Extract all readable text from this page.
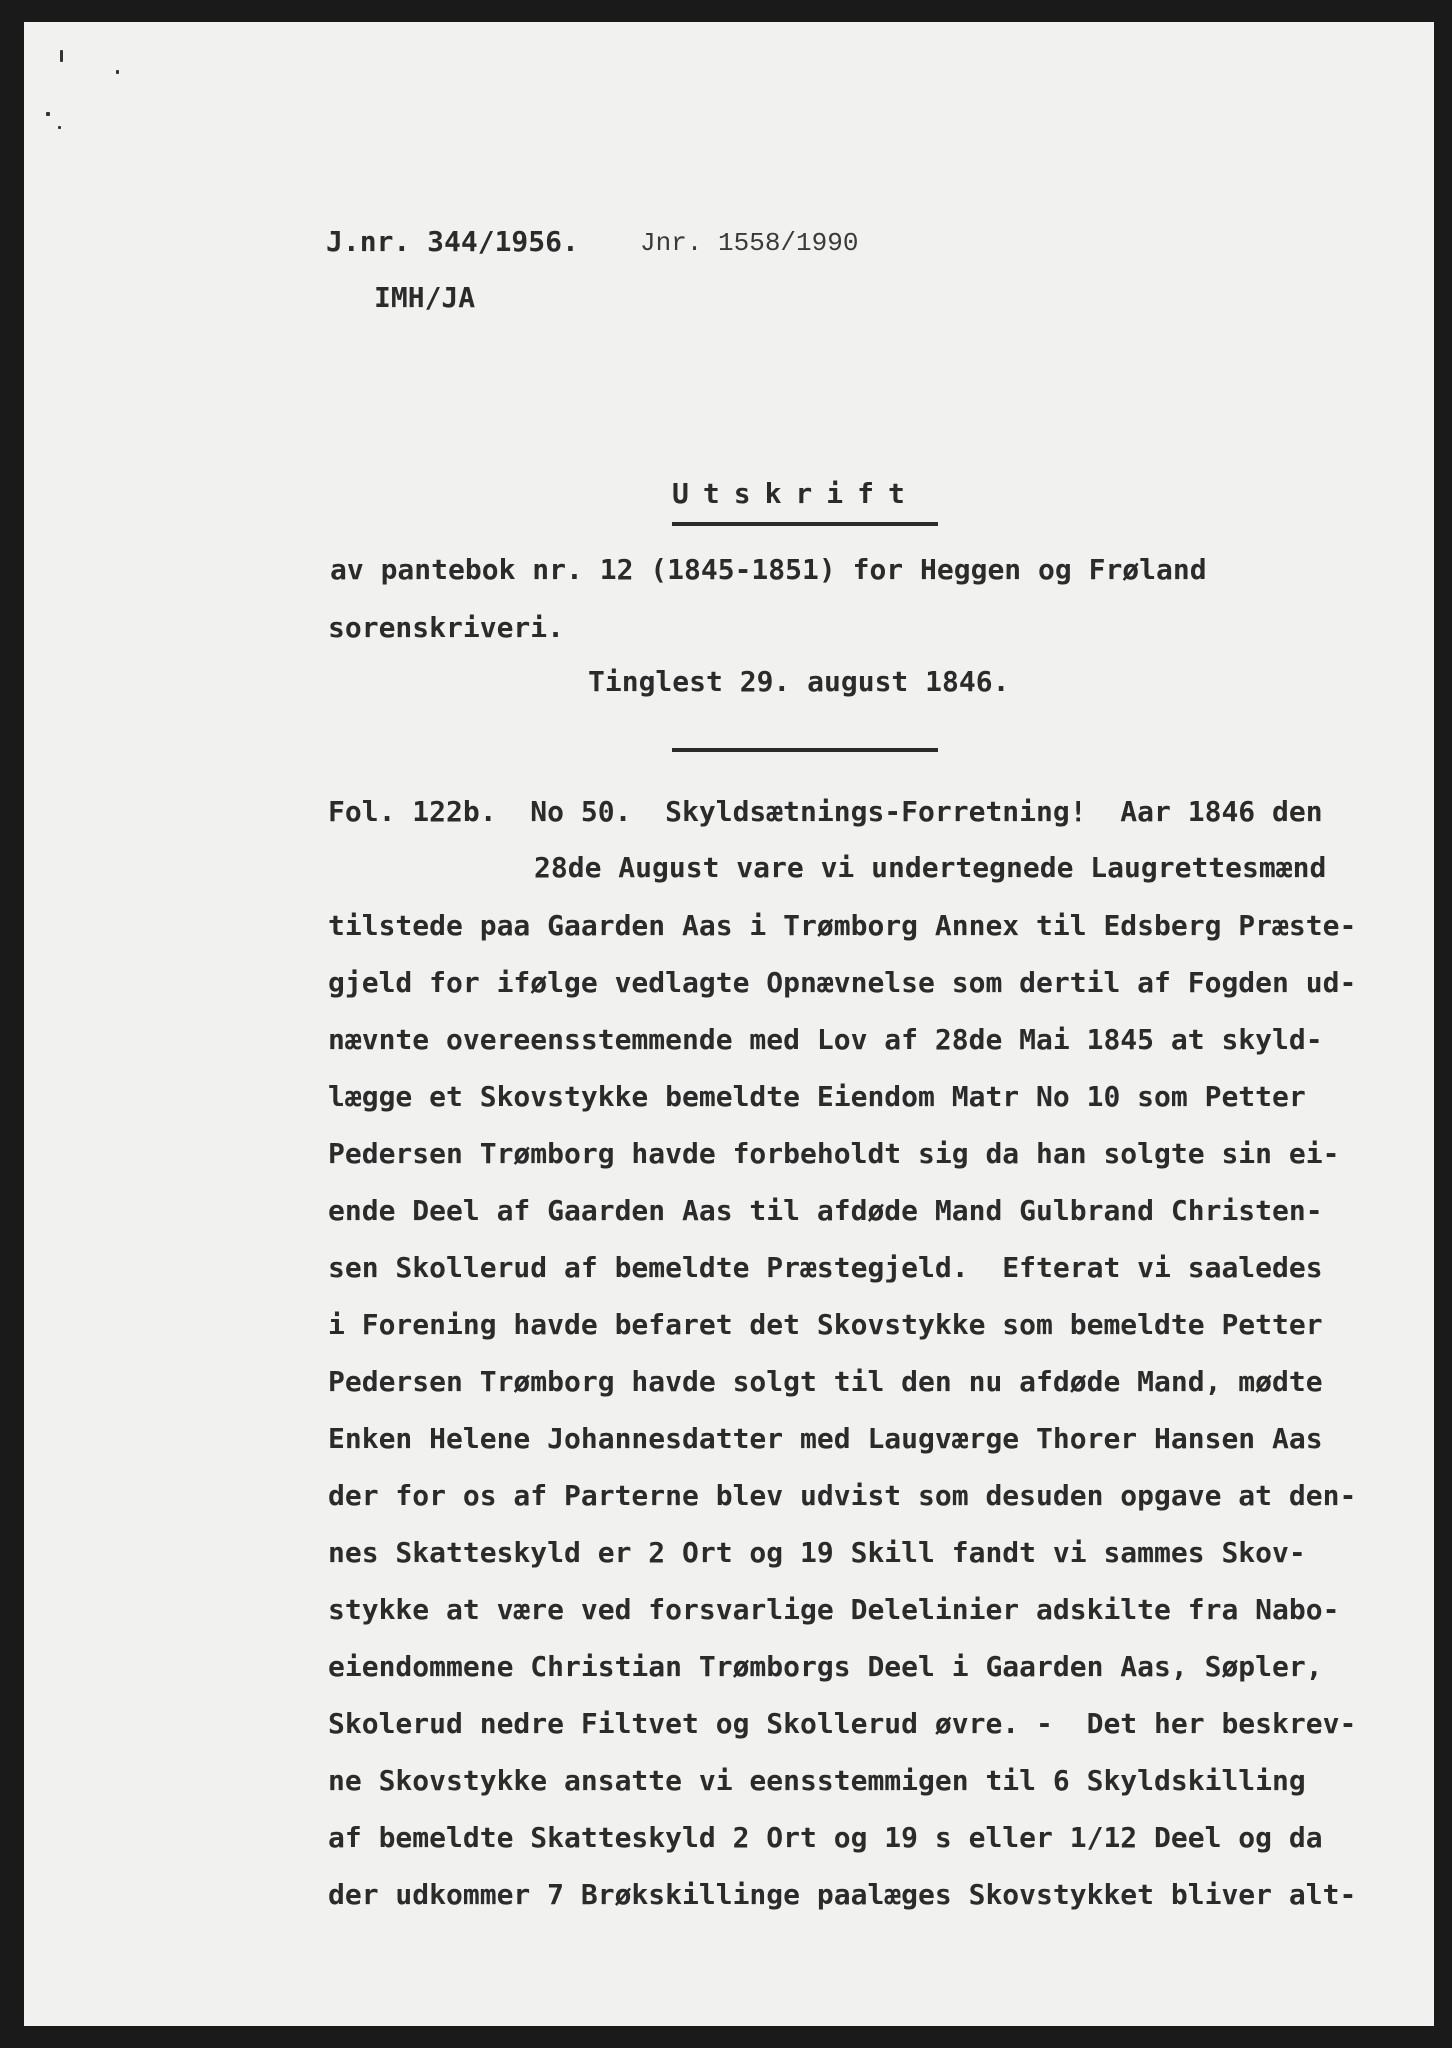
J.nr. 344/1956. Jnr. 1558/1990
IMH/JA
Utskrift
av pantebok nr. 12 (1845-1851) for Heggen og Frøland
sorenskriveri.
Tinglest 29. august 1846.
Fol. 122b.  No 50.  Skyldsætnings-Forretning!  Aar 1846 den
28de August vare vi undertegnede Laugrettesmænd
tilstede paa Gaarden Aas i Trømborg Annex til Edsberg Præste-
gjeld for ifølge vedlagte Opnævnelse som dertil af Fogden ud-
nævnte overeensstemmende med Lov af 28de Mai 1845 at skyld-
lægge et Skovstykke bemeldte Eiendom Matr No 10 som Petter
Pedersen Trømborg havde forbeholdt sig da han solgte sin ei-
ende Deel af Gaarden Aas til afdøde Mand Gulbrand Christen-
sen Skollerud af bemeldte Præstegjeld.  Efterat vi saaledes
i Forening havde befaret det Skovstykke som bemeldte Petter
Pedersen Trømborg havde solgt til den nu afdøde Mand, mødte
Enken Helene Johannesdatter med Laugværge Thorer Hansen Aas
der for os af Parterne blev udvist som desuden opgave at den-
nes Skatteskyld er 2 Ort og 19 Skill fandt vi sammes Skov-
stykke at være ved forsvarlige Delelinier adskilte fra Nabo-
eiendommene Christian Trømborgs Deel i Gaarden Aas, Søpler,
Skolerud nedre Filtvet og Skollerud øvre. -  Det her beskrev-
ne Skovstykke ansatte vi eensstemmigen til 6 Skyldskilling
af bemeldte Skatteskyld 2 Ort og 19 s eller 1/12 Deel og da
der udkommer 7 Brøkskillinge paalæges Skovstykket bliver alt-
